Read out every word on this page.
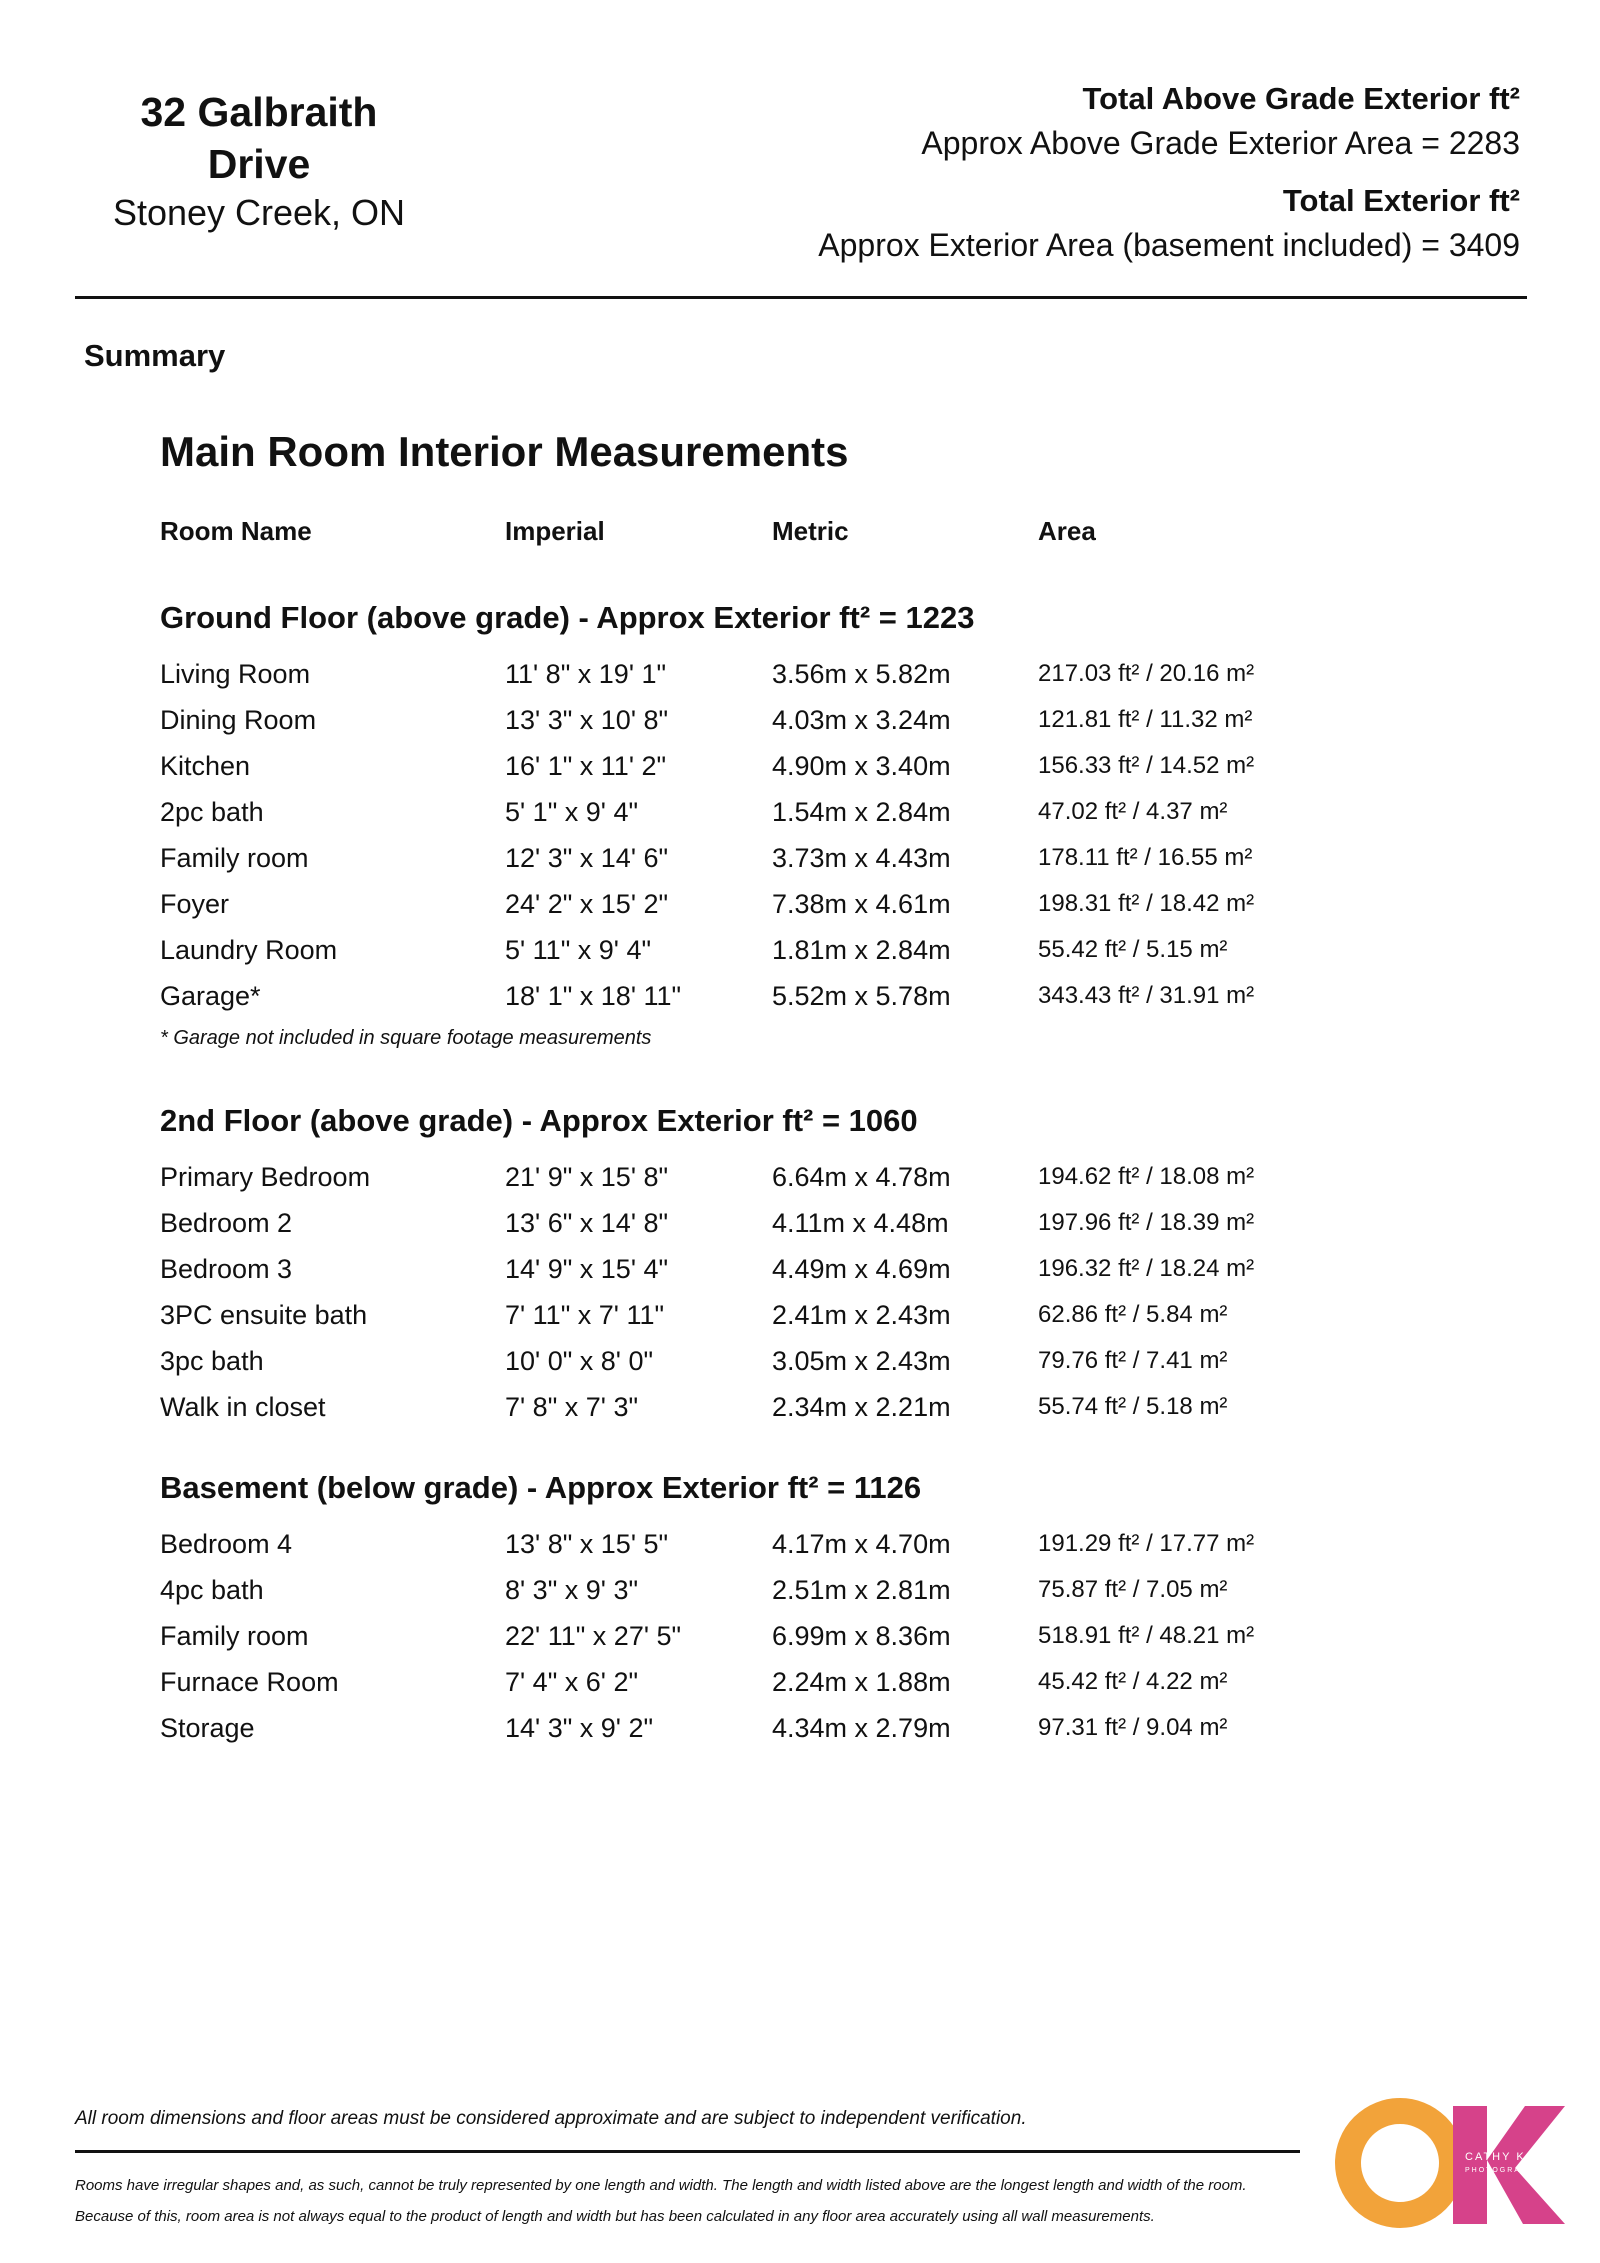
32 Galbraith Drive
Stoney Creek, ON
Total Above Grade Exterior ft²
Approx Above Grade Exterior Area = 2283
Total Exterior ft²
Approx Exterior Area (basement included) = 3409
Summary
Main Room Interior Measurements
Room Name	Imperial	Metric	Area
Ground Floor (above grade) - Approx Exterior ft² = 1223
Living Room	11' 8" x 19' 1"	3.56m x 5.82m	217.03 ft² / 20.16 m²
Dining Room	13' 3" x 10' 8"	4.03m x 3.24m	121.81 ft² / 11.32 m²
Kitchen	16' 1" x 11' 2"	4.90m x 3.40m	156.33 ft² / 14.52 m²
2pc bath	5' 1" x 9' 4"	1.54m x 2.84m	47.02 ft² / 4.37 m²
Family room	12' 3" x 14' 6"	3.73m x 4.43m	178.11 ft² / 16.55 m²
Foyer	24' 2" x 15' 2"	7.38m x 4.61m	198.31 ft² / 18.42 m²
Laundry Room	5' 11" x 9' 4"	1.81m x 2.84m	55.42 ft² / 5.15 m²
Garage*	18' 1" x 18' 11"	5.52m x 5.78m	343.43 ft² / 31.91 m²
* Garage not included in square footage measurements
2nd Floor (above grade) - Approx Exterior ft² = 1060
Primary Bedroom	21' 9" x 15' 8"	6.64m x 4.78m	194.62 ft² / 18.08 m²
Bedroom 2	13' 6" x 14' 8"	4.11m x 4.48m	197.96 ft² / 18.39 m²
Bedroom 3	14' 9" x 15' 4"	4.49m x 4.69m	196.32 ft² / 18.24 m²
3PC ensuite bath	7' 11" x 7' 11"	2.41m x 2.43m	62.86 ft² / 5.84 m²
3pc bath	10' 0" x 8' 0"	3.05m x 2.43m	79.76 ft² / 7.41 m²
Walk in closet	7' 8" x 7' 3"	2.34m x 2.21m	55.74 ft² / 5.18 m²
Basement (below grade) - Approx Exterior ft² = 1126
Bedroom 4	13' 8" x 15' 5"	4.17m x 4.70m	191.29 ft² / 17.77 m²
4pc bath	8' 3" x 9' 3"	2.51m x 2.81m	75.87 ft² / 7.05 m²
Family room	22' 11" x 27' 5"	6.99m x 8.36m	518.91 ft² / 48.21 m²
Furnace Room	7' 4" x 6' 2"	2.24m x 1.88m	45.42 ft² / 4.22 m²
Storage	14' 3" x 9' 2"	4.34m x 2.79m	97.31 ft² / 9.04 m²
All room dimensions and floor areas must be considered approximate and are subject to independent verification.
Rooms have irregular shapes and, as such, cannot be truly represented by one length and width. The length and width listed above are the longest length and width of the room.
Because of this, room area is not always equal to the product of length and width but has been calculated in any floor area accurately using all wall measurements.
CATHY KOOP
PHOTOGRAPHY
